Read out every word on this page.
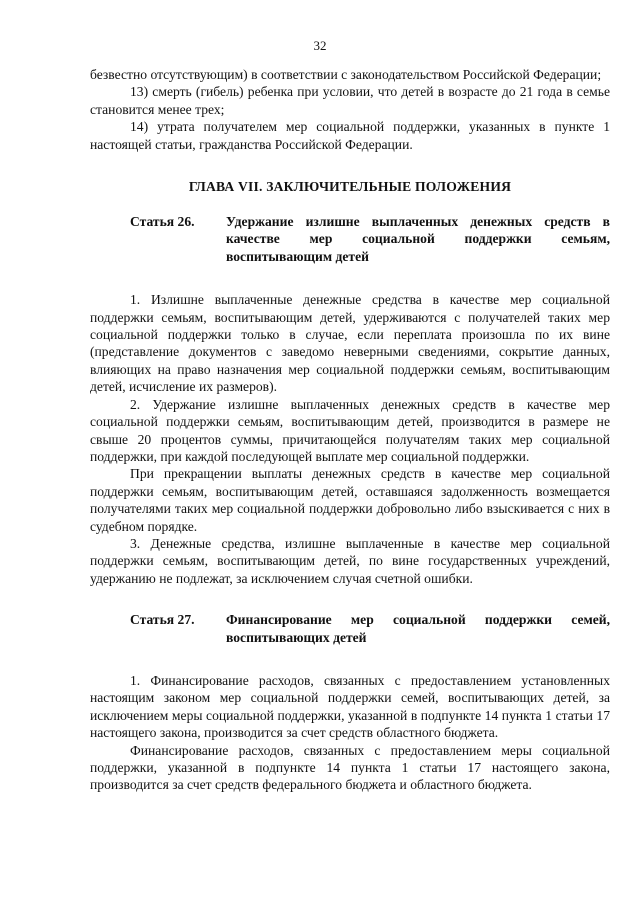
32

безвестно отсутствующим) в соответствии с законодательством Российской Федерации;

13) смерть (гибель) ребенка при условии, что детей в возрасте до 21 года в семье становится менее трех;

14) утрата получателем мер социальной поддержки, указанных в пункте 1 настоящей статьи, гражданства Российской Федерации.

ГЛАВА VII. ЗАКЛЮЧИТЕЛЬНЫЕ ПОЛОЖЕНИЯ
Статья 26.	Удержание излишне выплаченных денежных средств в качестве мер социальной поддержки семьям, воспитывающим детей

1. Излишне выплаченные денежные средства в качестве мер социальной поддержки семьям, воспитывающим детей, удерживаются с получателей таких мер социальной поддержки только в случае, если переплата произошла по их вине (представление документов с заведомо неверными сведениями, сокрытие данных, влияющих на право назначения мер социальной поддержки семьям, воспитывающим детей, исчисление их размеров).

2. Удержание излишне выплаченных денежных средств в качестве мер социальной поддержки семьям, воспитывающим детей, производится в размере не свыше 20 процентов суммы, причитающейся получателям таких мер социальной поддержки, при каждой последующей выплате мер социальной поддержки.

При прекращении выплаты денежных средств в качестве мер социальной поддержки семьям, воспитывающим детей, оставшаяся задолженность возмещается получателями таких мер социальной поддержки добровольно либо взыскивается с них в судебном порядке.

3. Денежные средства, излишне выплаченные в качестве мер социальной поддержки семьям, воспитывающим детей, по вине государственных учреждений, удержанию не подлежат, за исключением случая счетной ошибки.

Статья 27.	Финансирование мер социальной поддержки семей, воспитывающих детей

1. Финансирование расходов, связанных с предоставлением установленных настоящим законом мер социальной поддержки семей, воспитывающих детей, за исключением меры социальной поддержки, указанной в подпункте 14 пункта 1 статьи 17 настоящего закона, производится за счет средств областного бюджета.

Финансирование расходов, связанных с предоставлением меры социальной поддержки, указанной в подпункте 14 пункта 1 статьи 17 настоящего закона, производится за счет средств федерального бюджета и областного бюджета.
